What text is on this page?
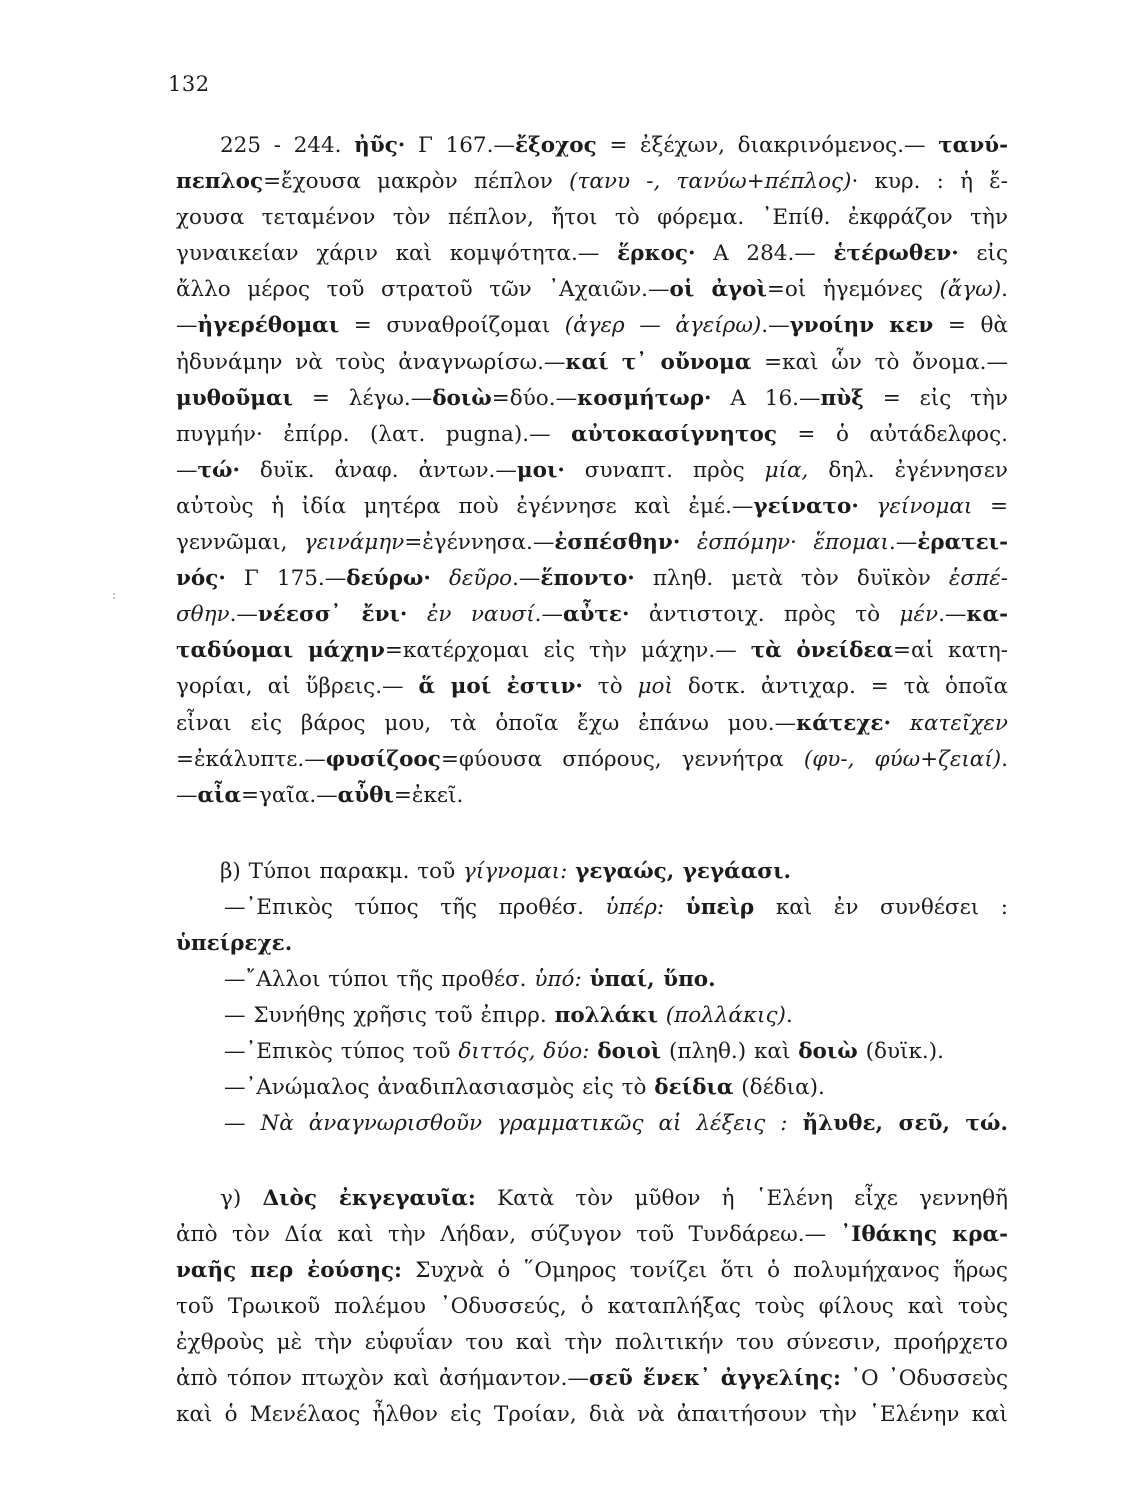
132
:
225 - 244. ἠῦς· Γ 167.—ἔξοχος = ἐξέχων, διακρινόμενος.— τανύ-
πεπλος=ἔχουσα μακρὸν πέπλον (τανυ -, τανύω+πέπλος)· κυρ. : ἡ ἔ-
χουσα τεταμένον τὸν πέπλον, ἤτοι τὸ φόρεμα. ᾿Επίθ. ἐκφράζον τὴν
γυναικείαν χάριν καὶ κομψότητα.— ἕρκος· Α 284.— ἑτέρωθεν· εἰς
ἄλλο μέρος τοῦ στρατοῦ τῶν ᾿Αχαιῶν.—οἱ ἀγοὶ=οἱ ἡγεμόνες (ἄγω).
—ἠγερέθομαι = συναθροίζομαι (ἀγερ — ἀγείρω).—γνοίην κεν = θὰ
ἠδυνάμην νὰ τοὺς ἀναγνωρίσω.—καί τ᾿ οὔνομα =καὶ ὧν τὸ ὄνομα.—
μυθοῦμαι = λέγω.—δοιὼ=δύο.—κοσμήτωρ· Α 16.—πὺξ = εἰς τὴν
πυγμήν· ἐπίρρ. (λατ. pugna).— αὐτοκασίγνητος = ὁ αὐτάδελφος.
—τώ· δυϊκ. ἀναφ. ἀντων.—μοι· συναπτ. πρὸς μία, δηλ. ἐγέννησεν
αὐτοὺς ἡ ἰδία μητέρα ποὺ ἐγέννησε καὶ ἐμέ.—γείνατο· γείνομαι =
γεννῶμαι, γεινάμην=ἐγέννησα.—ἐσπέσθην· ἑσπόμην· ἕπομαι.—ἐρατει-
νός· Γ 175.—δεύρω· δεῦρο.—ἕποντο· πληθ. μετὰ τὸν δυϊκὸν ἑσπέ-
σθην.—νέεσσ᾿ ἔνι· ἐν ναυσί.—αὖτε· ἀντιστοιχ. πρὸς τὸ μέν.—κα-
ταδύομαι μάχην=κατέρχομαι εἰς τὴν μάχην.— τὰ ὀνείδεα=αἱ κατη-
γορίαι, αἱ ὕβρεις.— ἅ μοί ἐστιν· τὸ μοὶ δοτκ. ἀντιχαρ. = τὰ ὁποῖα
εἶναι εἰς βάρος μου, τὰ ὁποῖα ἔχω ἐπάνω μου.—κάτεχε· κατεῖχεν
=ἐκάλυπτε.—φυσίζοος=φύουσα σπόρους, γεννήτρα (φυ-, φύω+ζειαί).
—αἶα=γαῖα.—αὖθι=ἐκεῖ.
β) Τύποι παρακμ. τοῦ γίγνομαι: γεγαώς, γεγάασι.
—᾿Επικὸς τύπος τῆς προθέσ. ὑπέρ: ὑπεὶρ καὶ ἐν συνθέσει :
ὑπείρεχε.
—῎Αλλοι τύποι τῆς προθέσ. ὑπό: ὑπαί, ὕπο.
— Συνήθης χρῆσις τοῦ ἐπιρρ. πολλάκι (πολλάκις).
—᾿Επικὸς τύπος τοῦ διττός, δύο: δοιοὶ (πληθ.) καὶ δοιὼ (δυϊκ.).
—᾿Ανώμαλος ἀναδιπλασιασμὸς εἰς τὸ δείδια (δέδια).
— Νὰ ἀναγνωρισθοῦν γραμματικῶς αἱ λέξεις : ἤλυθε, σεῦ, τώ.
γ) Διὸς ἐκγεγαυῖα: Κατὰ τὸν μῦθον ἡ ῾Ελένη εἶχε γεννηθῆ
ἀπὸ τὸν Δία καὶ τὴν Λήδαν, σύζυγον τοῦ Τυνδάρεω.— ᾿Ιθάκης κρα-
ναῆς περ ἐούσης: Συχνὰ ὁ ῞Ομηρος τονίζει ὅτι ὁ πολυμήχανος ἥρως
τοῦ Τρωικοῦ πολέμου ᾿Οδυσσεύς, ὁ καταπλήξας τοὺς φίλους καὶ τοὺς
ἐχθροὺς μὲ τὴν εὐφυΐαν του καὶ τὴν πολιτικήν του σύνεσιν, προήρχετο
ἀπὸ τόπον πτωχὸν καὶ ἀσήμαντον.—σεῦ ἕνεκ᾿ ἀγγελίης: ᾿Ο ᾿Οδυσσεὺς
καὶ ὁ Μενέλαος ἦλθον εἰς Τροίαν, διὰ νὰ ἀπαιτήσουν τὴν ῾Ελένην καὶ
